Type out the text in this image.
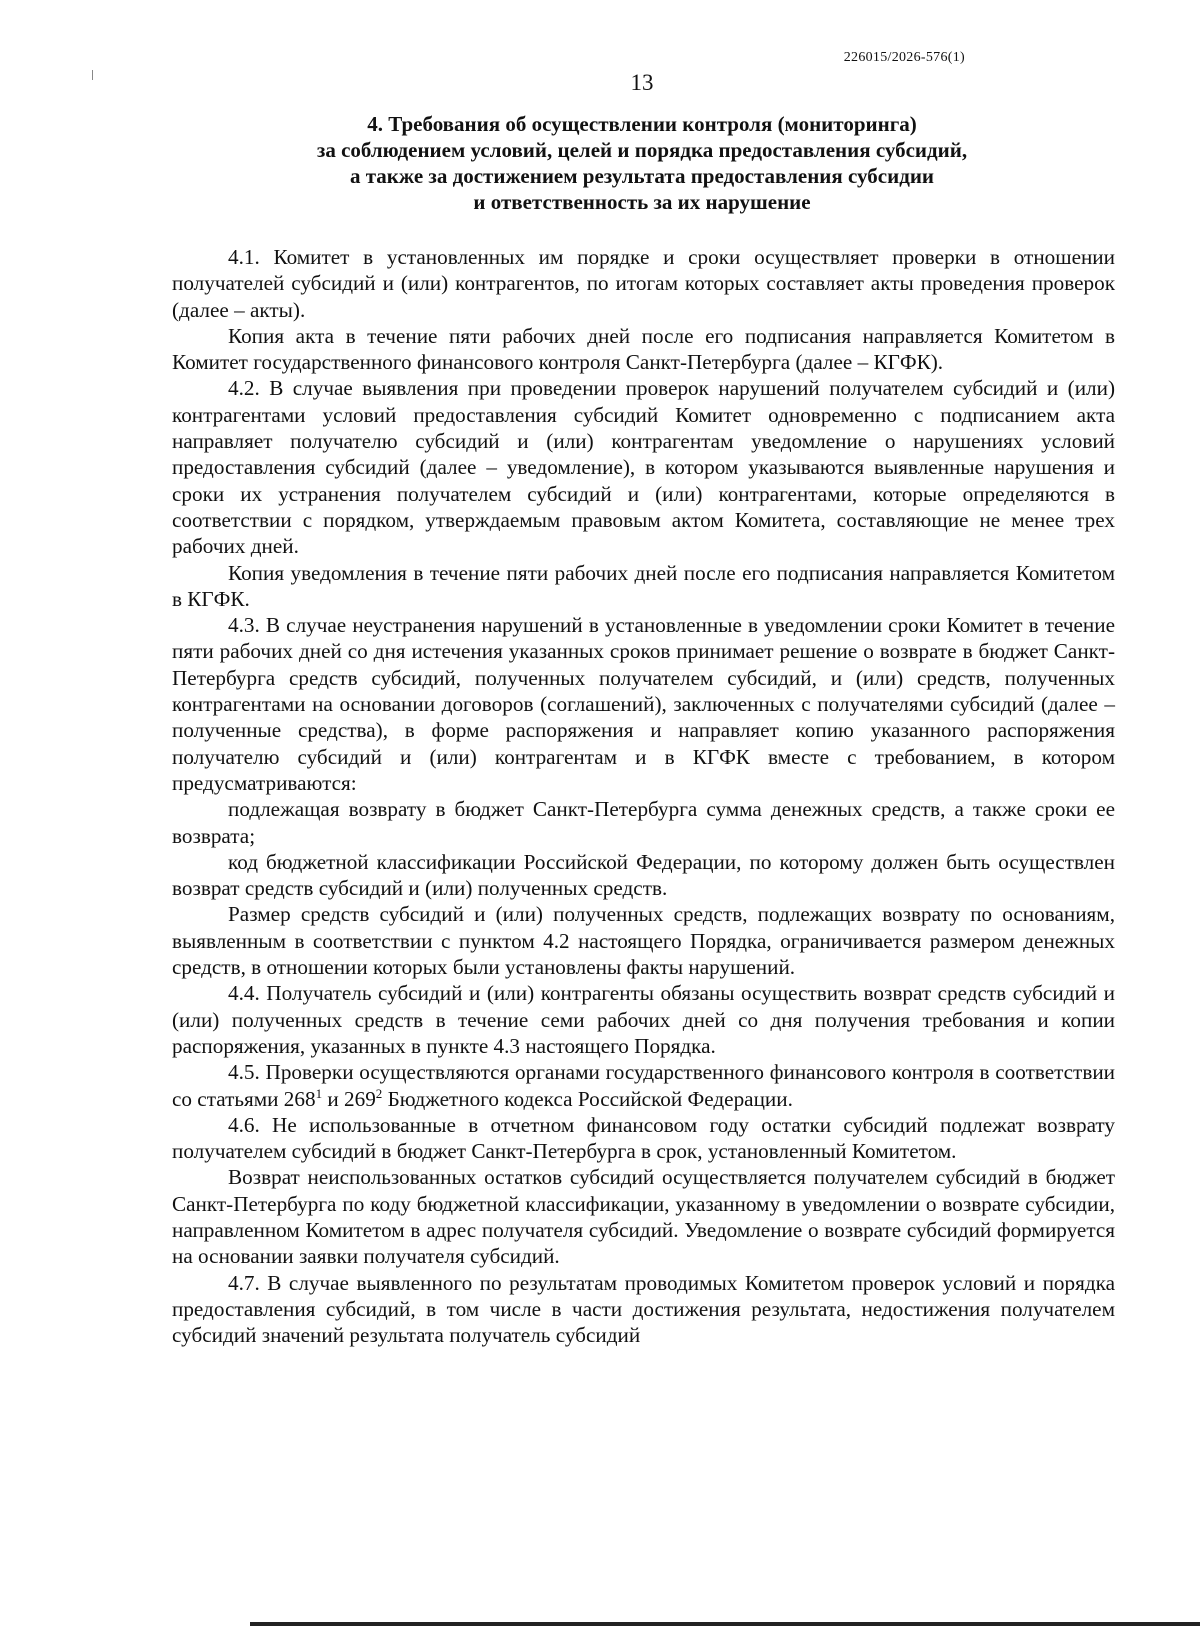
226015/2026-576(1)
13
4. Требования об осуществлении контроля (мониторинга)
за соблюдением условий, целей и порядка предоставления субсидий,
а также за достижением результата предоставления субсидии
и ответственность за их нарушение

4.1. Комитет в установленных им порядке и сроки осуществляет проверки в отношении получателей субсидий и (или) контрагентов, по итогам которых составляет акты проведения проверок (далее – акты).

Копия акта в течение пяти рабочих дней после его подписания направляется Комитетом в Комитет государственного финансового контроля Санкт-Петербурга (далее – КГФК).

4.2. В случае выявления при проведении проверок нарушений получателем субсидий и (или) контрагентами условий предоставления субсидий Комитет одновременно с подписанием акта направляет получателю субсидий и (или) контрагентам уведомление о нарушениях условий предоставления субсидий (далее – уведомление), в котором указываются выявленные нарушения и сроки их устранения получателем субсидий и (или) контрагентами, которые определяются в соответствии с порядком, утверждаемым правовым актом Комитета, составляющие не менее трех рабочих дней.

Копия уведомления в течение пяти рабочих дней после его подписания направляется Комитетом в КГФК.

4.3. В случае неустранения нарушений в установленные в уведомлении сроки Комитет в течение пяти рабочих дней со дня истечения указанных сроков принимает решение о возврате в бюджет Санкт-Петербурга средств субсидий, полученных получателем субсидий, и (или) средств, полученных контрагентами на основании договоров (соглашений), заключенных с получателями субсидий (далее – полученные средства), в форме распоряжения и направляет копию указанного распоряжения получателю субсидий и (или) контрагентам и в КГФК вместе с требованием, в котором предусматриваются:

подлежащая возврату в бюджет Санкт-Петербурга сумма денежных средств, а также сроки ее возврата;

код бюджетной классификации Российской Федерации, по которому должен быть осуществлен возврат средств субсидий и (или) полученных средств.

Размер средств субсидий и (или) полученных средств, подлежащих возврату по основаниям, выявленным в соответствии с пунктом 4.2 настоящего Порядка, ограничивается размером денежных средств, в отношении которых были установлены факты нарушений.

4.4. Получатель субсидий и (или) контрагенты обязаны осуществить возврат средств субсидий и (или) полученных средств в течение семи рабочих дней со дня получения требования и копии распоряжения, указанных в пункте 4.3 настоящего Порядка.

4.5. Проверки осуществляются органами государственного финансового контроля в соответствии со статьями $268^1$ и $269^2$ Бюджетного кодекса Российской Федерации.

4.6. Не использованные в отчетном финансовом году остатки субсидий подлежат возврату получателем субсидий в бюджет Санкт-Петербурга в срок, установленный Комитетом.

Возврат неиспользованных остатков субсидий осуществляется получателем субсидий в бюджет Санкт-Петербурга по коду бюджетной классификации, указанному в уведомлении о возврате субсидии, направленном Комитетом в адрес получателя субсидий. Уведомление о возврате субсидий формируется на основании заявки получателя субсидий.

4.7. В случае выявленного по результатам проводимых Комитетом проверок условий и порядка предоставления субсидий, в том числе в части достижения результата, недостижения получателем субсидий значений результата получатель субсидий
